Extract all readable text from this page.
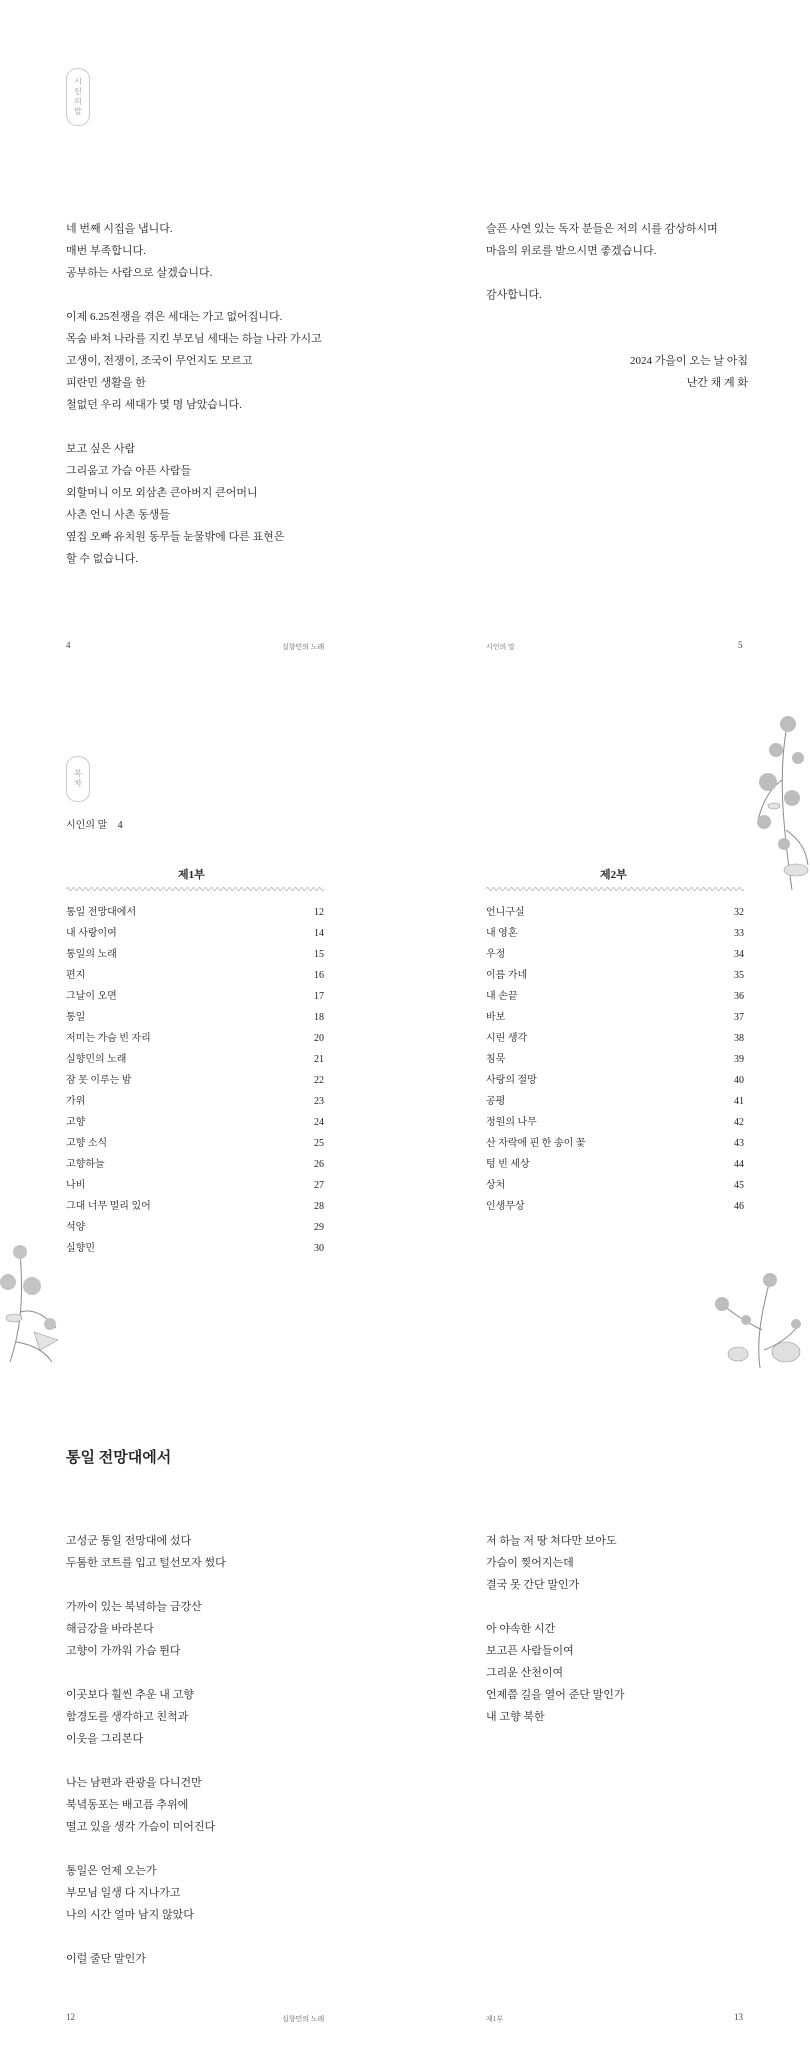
시
인
의
말
네 번째 시집을 냅니다.
매번 부족합니다.
공부하는 사람으로 살겠습니다.

이제 6.25전쟁을 겪은 세대는 가고 없어집니다.
목숨 바쳐 나라를 지킨 부모님 세대는 하늘 나라 가시고
고생이, 전쟁이, 조국이 무언지도 모르고
피란민 생활을 한
철없던 우리 세대가 몇 명 남았습니다.

보고 싶은 사람
그리움고 가슴 아픈 사람들
외할머니 이모 외삼촌 큰아버지 큰어머니
사촌 언니 사촌 동생들
옆집 오빠 유치원 동무들 눈물밖에 다른 표현은
할 수 없습니다.
슬픈 사연 있는 독자 분들은 저의 시를 감상하시며
마음의 위로를 받으시면 좋겠습니다.

감사합니다.
2024 가을이 오는 날 아침
난간 채 계 화
4	실향민의 노래	시인의 말	5
목
차
시인의 말 4
제1부
통일 전망대에서	12
내 사랑이여	14
통일의 노래	15
편지	16
그날이 오면	17
통일	18
저미는 가슴 빈 자리	20
실향민의 노래	21
잠 못 이루는 밤	22
가위	23
고향	24
고향 소식	25
고향하늘	26
나비	27
그대 너무 멀리 있어	28
석양	29
실향민	30
제2부
언니구실	32
내 영혼	33
우정	34
이름 가네	35
내 손끝	36
바보	37
시린 생각	38
침묵	39
사랑의 절망	40
공평	41
정원의 나무	42
산 자락에 핀 한 송이 꽃	43
텅 빈 세상	44
상처	45
인생무상	46
통일 전망대에서
고성군 통일 전망대에 섰다
두툼한 코트를 입고 털선모자 썼다

가까이 있는 북녘하늘 금강산
해금강을 바라본다
고향이 가까워 가슴 뛴다

이곳보다 훨씬 추운 내 고향
함경도를 생각하고 친척과
이웃을 그리본다

나는 남편과 관광을 다니건만
북녘동포는 배고픔 추위에
떨고 있을 생각 가슴이 미어진다

통일은 언제 오는가
부모님 일생 다 지나가고
나의 시간 얼마 남지 않았다

이럴 줄단 말인가
저 하늘 저 땅 쳐다만 보아도
가슴이 찢어지는데
결국 못 간단 말인가

아 야속한 시간
보고픈 사람들이여
그리운 산천이여
언제쯤 길을 열어 준단 말인가
내 고향 북한
12	실향민의 노래	제1부	13
